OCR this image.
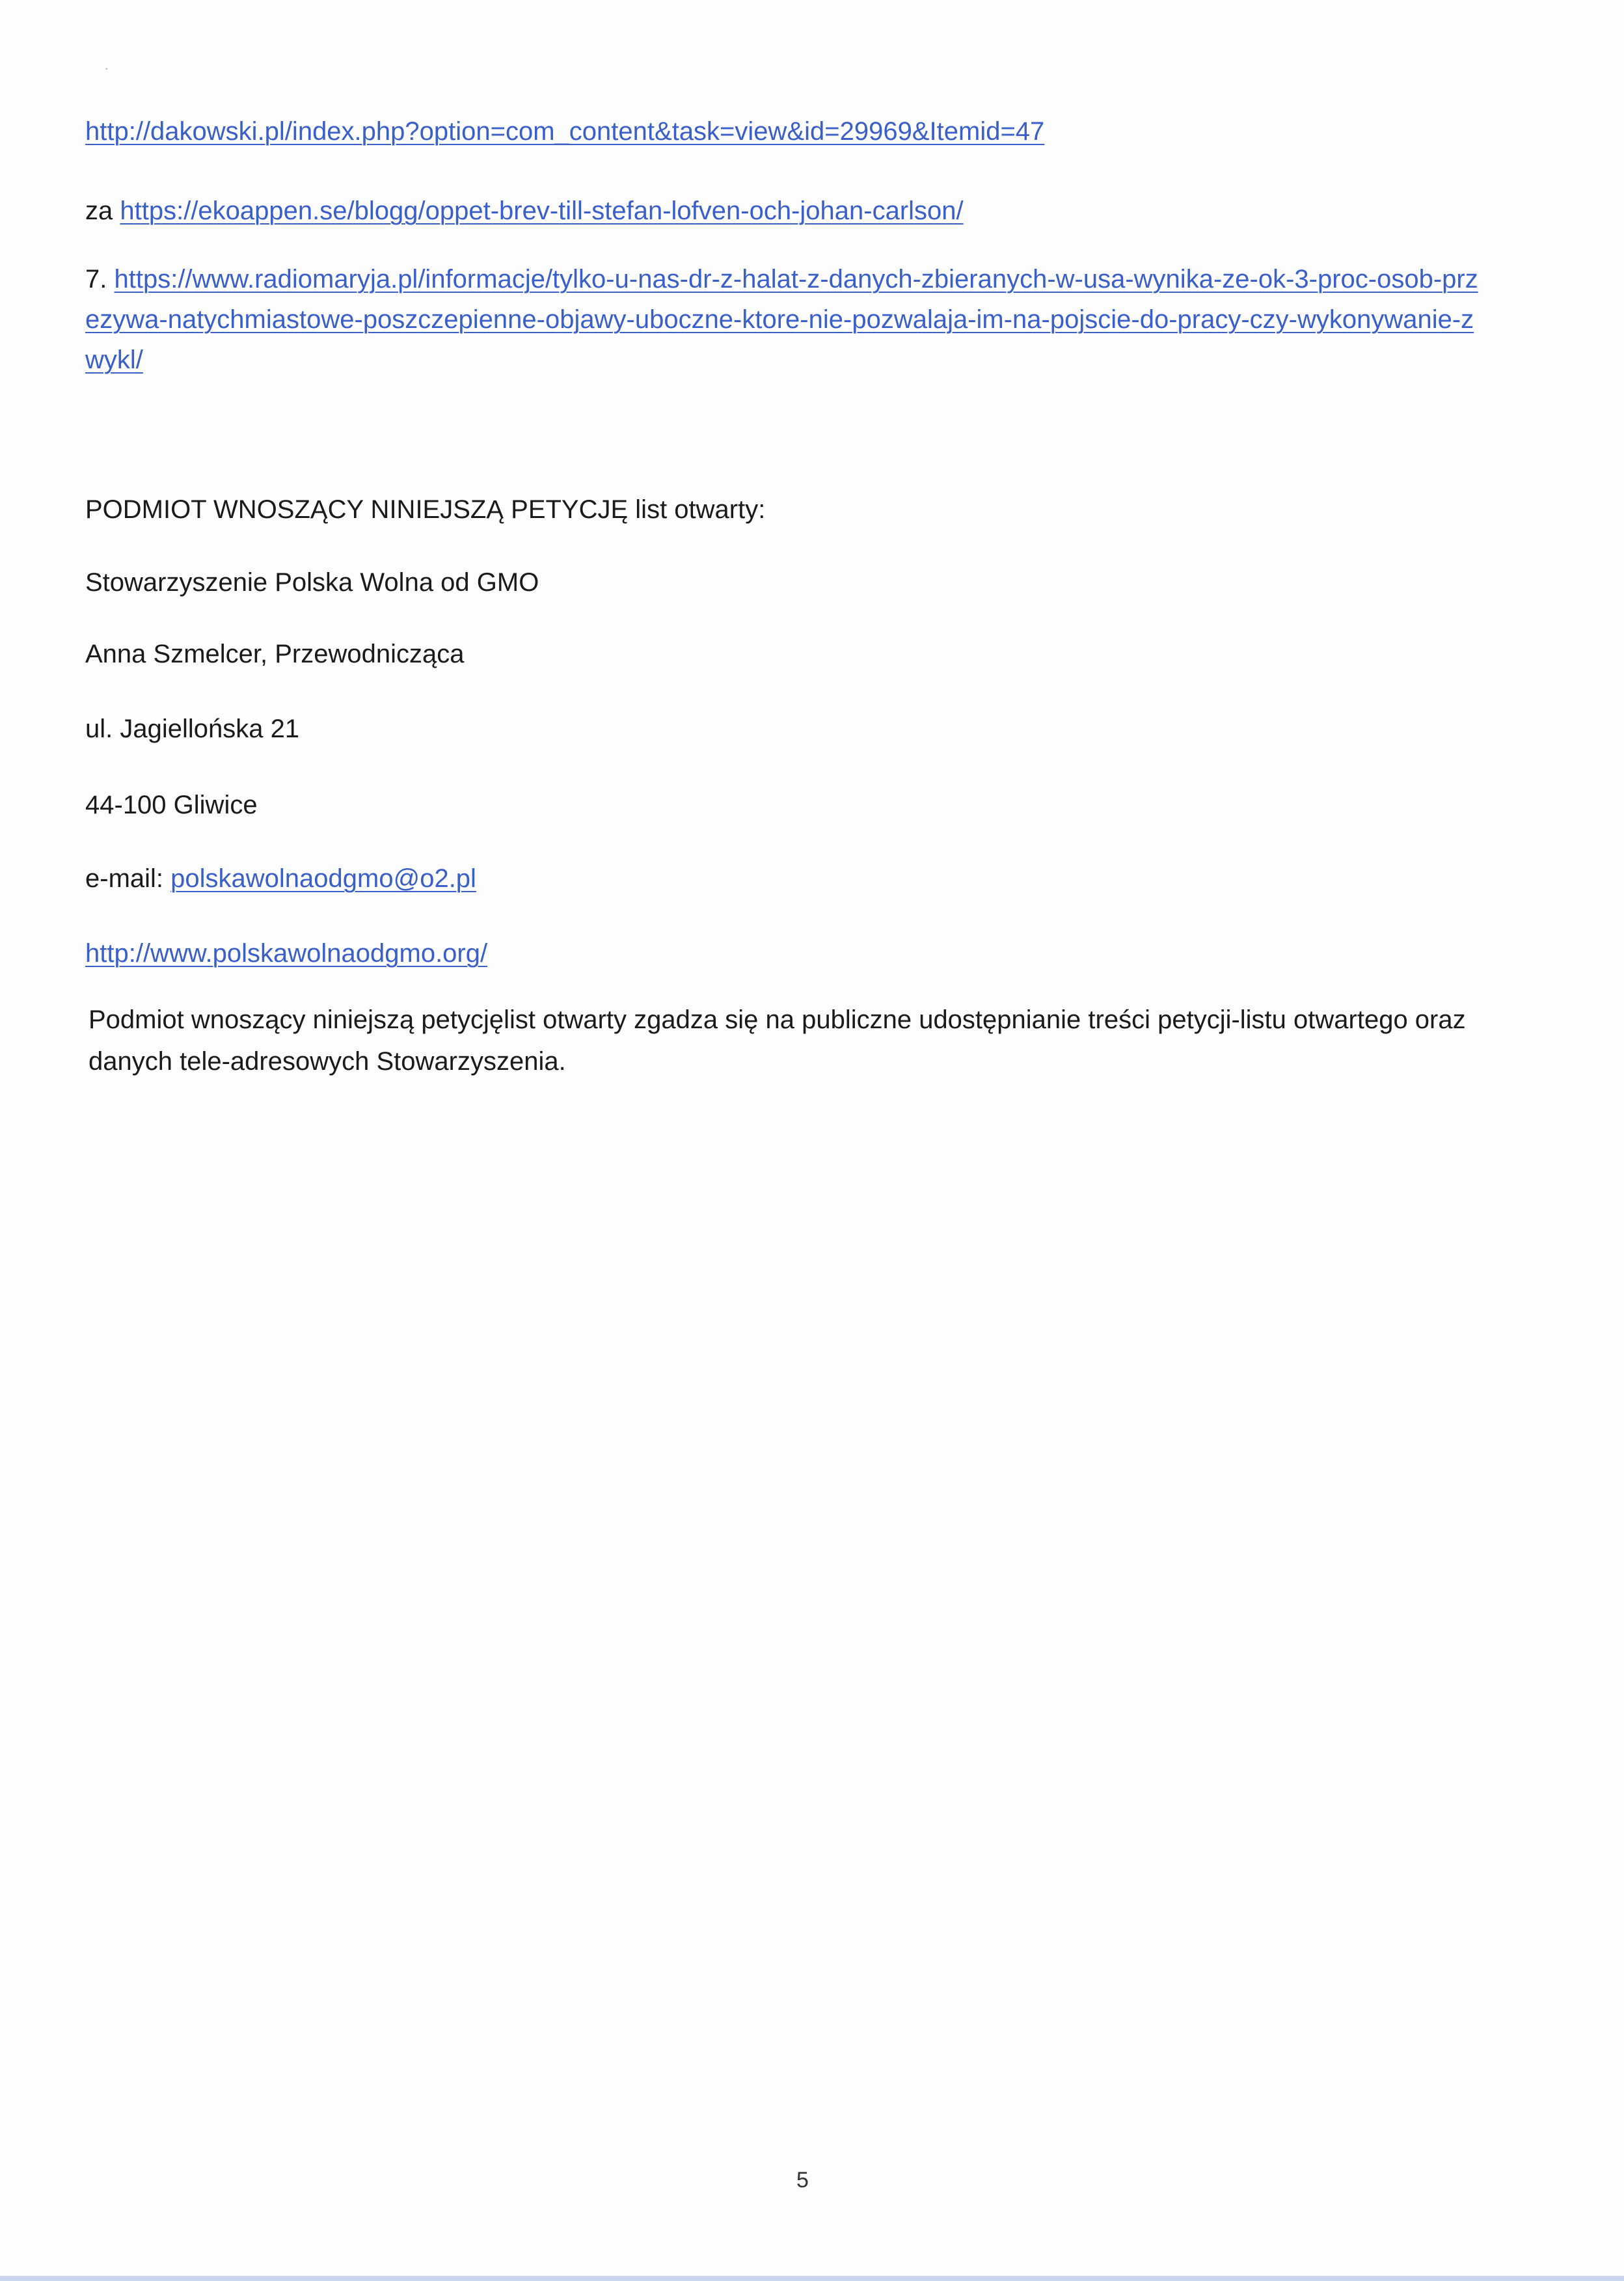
·
http://dakowski.pl/index.php?option=com_content&task=view&id=29969&Itemid=47
za https://ekoappen.se/blogg/oppet-brev-till-stefan-lofven-och-johan-carlson/
7. https://www.radiomaryja.pl/informacje/tylko-u-nas-dr-z-halat-z-danych-zbieranych-w-usa-wynika-ze-ok-3-proc-osob-przezywa-natychmiastowe-poszczepienne-objawy-uboczne-ktore-nie-pozwalaja-im-na-pojscie-do-pracy-czy-wykonywanie-zwykl/
PODMIOT WNOSZĄCY NINIEJSZĄ PETYCJĘ list otwarty:
Stowarzyszenie Polska Wolna od GMO
Anna Szmelcer, Przewodnicząca
ul. Jagiellońska 21
44-100 Gliwice
e-mail: polskawolnaodgmo@o2.pl
http://www.polskawolnaodgmo.org/
Podmiot wnoszący niniejszą petycjęlist otwarty zgadza się na publiczne udostępnianie treści petycji-listu otwartego oraz danych tele-adresowych Stowarzyszenia.
5
